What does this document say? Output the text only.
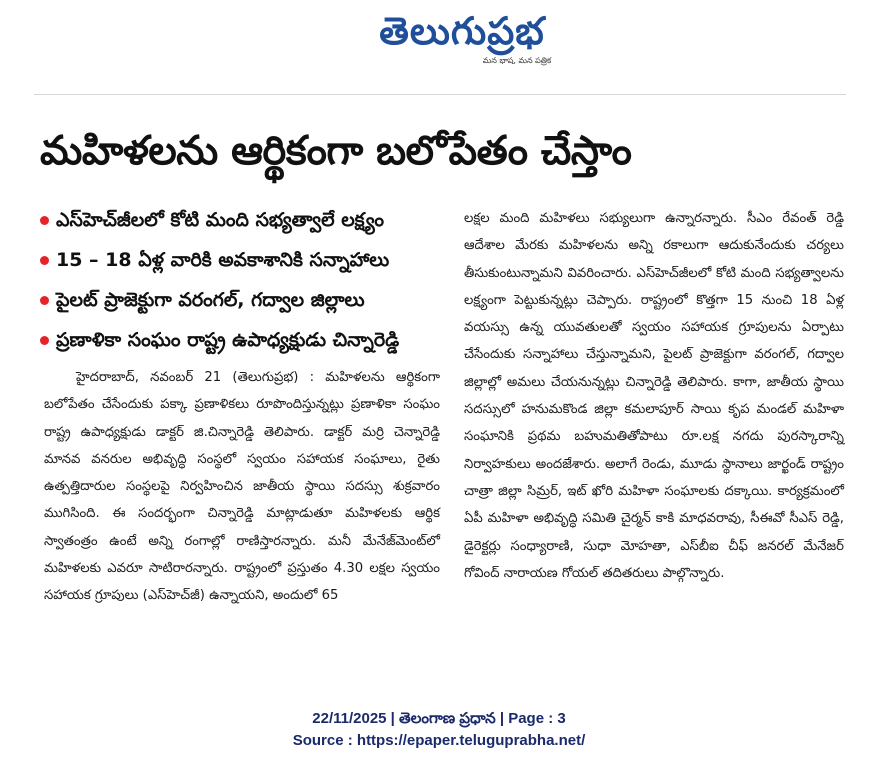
తెలుగుప్రభ
మన భాష, మన పత్రిక
మహిళలను ఆర్థికంగా బలోపేతం చేస్తాం
ఎస్‌హెచ్‌జీలలో కోటి మంది సభ్యత్వాలే లక్ష్యం
15 – 18 ఏళ్ల వారికి అవకాశానికి సన్నాహాలు
పైలట్ ప్రాజెక్టుగా వరంగల్, గద్వాల జిల్లాలు
ప్రణాళికా సంఘం రాష్ట్ర ఉపాధ్యక్షుడు చిన్నారెడ్డి

హైదరాబాద్, నవంబర్ 21 (తెలుగుప్రభ) : మహిళలను ఆర్థికంగా బలోపేతం చేసేందుకు పక్కా ప్రణాళికలు రూపొందిస్తున్నట్లు ప్రణాళికా సంఘం రాష్ట్ర ఉపాధ్యక్షుడు డాక్టర్ జి.చిన్నారెడ్డి తెలిపారు. డాక్టర్ మర్రి చెన్నారెడ్డి మానవ వనరుల అభివృద్ధి సంస్థలో స్వయం సహాయక సంఘాలు, రైతు ఉత్పత్తిదారుల సంస్థలపై నిర్వహించిన జాతీయ స్థాయి సదస్సు శుక్రవారం ముగిసింది. ఈ సందర్భంగా చిన్నారెడ్డి మాట్లాడుతూ మహిళలకు ఆర్థిక స్వాతంత్రం ఉంటే అన్ని రంగాల్లో రాణిస్తారన్నారు. మనీ మేనేజ్‌మెంట్‌లో మహిళలకు ఎవరూ సాటిరారన్నారు. రాష్ట్రంలో ప్రస్తుతం 4.30 లక్షల స్వయం సహాయక గ్రూపులు (ఎస్‌హెచ్‌జీ) ఉన్నాయని, అందులో 65

లక్షల మంది మహిళలు సభ్యులుగా ఉన్నారన్నారు. సీఎం రేవంత్ రెడ్డి ఆదేశాల మేరకు మహిళలను అన్ని రకాలుగా ఆదుకునేందుకు చర్యలు తీసుకుంటున్నామని వివరించారు. ఎస్‌హెచ్‌జీలలో కోటి మంది సభ్యత్వాలను లక్ష్యంగా పెట్టుకున్నట్లు చెప్పారు. రాష్ట్రంలో కొత్తగా 15 నుంచి 18 ఏళ్ల వయస్సు ఉన్న యువతులతో స్వయం సహాయక గ్రూపులను ఏర్పాటు చేసేందుకు సన్నాహాలు చేస్తున్నామని, పైలట్ ప్రాజెక్టుగా వరంగల్, గద్వాల జిల్లాల్లో అమలు చేయనున్నట్లు చిన్నారెడ్డి తెలిపారు. కాగా, జాతీయ స్థాయి సదస్సులో హనుమకొండ జిల్లా కమలాపూర్ సాయి కృప మండల్ మహిళా సంఘానికి ప్రథమ బహుమతితోపాటు రూ.లక్ష నగదు పురస్కారాన్ని నిర్వాహకులు అందజేశారు. అలాగే రెండు, మూడు స్థానాలు జార్ఖండ్ రాష్ట్రం చాత్రా జిల్లా సిమ్రర్, ఇట్ ఖోరి మహిళా సంఘాలకు దక్కాయి. కార్యక్రమంలో ఏపీ మహిళా అభివృద్ధి సమితి చైర్మన్ కాకి మాధవరావు, సీఈవో సీఎస్ రెడ్డి, డైరెక్టర్లు సంధ్యారాణి, సుధా మోహతా, ఎస్‌బీఐ చీఫ్ జనరల్ మేనేజర్ గోవింద్ నారాయణ గోయల్ తదితరులు పాల్గొన్నారు.

22/11/2025 | తెలంగాణ ప్రధాన | Page : 3
Source : https://epaper.teluguprabha.net/
